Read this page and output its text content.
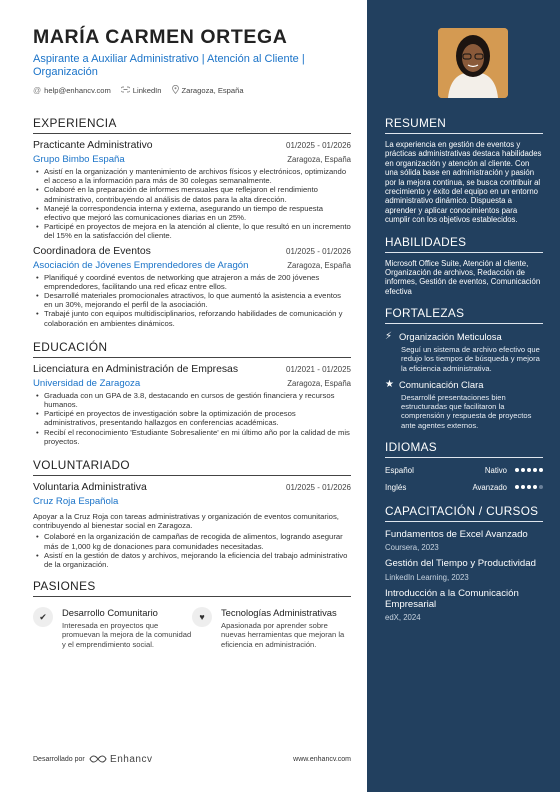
MARÍA CARMEN ORTEGA
Aspirante a Auxiliar Administrativo | Atención al Cliente | Organización
@ help@enhancv.com	LinkedIn	Zaragoza, España
EXPERIENCIA
Practicante Administrativo	01/2025 - 01/2026
Grupo Bimbo España	Zaragoza, España
• Asistí en la organización y mantenimiento de archivos físicos y electrónicos, optimizando el acceso a la información para más de 30 colegas semanalmente.
• Colaboré en la preparación de informes mensuales que reflejaron el rendimiento administrativo, contribuyendo al análisis de datos para la alta dirección.
• Manejé la correspondencia interna y externa, asegurando un tiempo de respuesta efectivo que mejoró las comunicaciones diarias en un 25%.
• Participé en proyectos de mejora en la atención al cliente, lo que resultó en un incremento del 15% en la satisfacción del cliente.
Coordinadora de Eventos	01/2025 - 01/2026
Asociación de Jóvenes Emprendedores de Aragón	Zaragoza, España
• Planifiqué y coordiné eventos de networking que atrajeron a más de 200 jóvenes emprendedores, facilitando una red eficaz entre ellos.
• Desarrollé materiales promocionales atractivos, lo que aumentó la asistencia a eventos en un 30%, mejorando el perfil de la asociación.
• Trabajé junto con equipos multidisciplinarios, reforzando habilidades de comunicación y colaboración en ambientes dinámicos.
EDUCACIÓN
Licenciatura en Administración de Empresas	01/2021 - 01/2025
Universidad de Zaragoza	Zaragoza, España
• Graduada con un GPA de 3.8, destacando en cursos de gestión financiera y recursos humanos.
• Participé en proyectos de investigación sobre la optimización de procesos administrativos, presentando hallazgos en conferencias académicas.
• Recibí el reconocimiento 'Estudiante Sobresaliente' en mi último año por la calidad de mis proyectos.
VOLUNTARIADO
Voluntaria Administrativa	01/2025 - 01/2026
Cruz Roja Española
Apoyar a la Cruz Roja con tareas administrativas y organización de eventos comunitarios, contribuyendo al bienestar social en Zaragoza.
• Colaboré en la organización de campañas de recogida de alimentos, logrando asegurar más de 1,000 kg de donaciones para comunidades necesitadas.
• Asistí en la gestión de datos y archivos, mejorando la eficiencia del trabajo administrativo de la organización.
PASIONES
✔	Desarrollo Comunitario
Interesada en proyectos que promuevan la mejora de la comunidad y el emprendimiento social.
♥	Tecnologías Administrativas
Apasionada por aprender sobre nuevas herramientas que mejoran la eficiencia en administración.
Desarrollado por	Enhancv	www.enhancv.com
RESUMEN
La experiencia en gestión de eventos y prácticas administrativas destaca habilidades en organización y atención al cliente. Con una sólida base en administración y pasión por la mejora continua, se busca contribuir al crecimiento y éxito del equipo en un entorno administrativo dinámico. Dispuesta a aprender y aplicar conocimientos para cumplir con los objetivos establecidos.
HABILIDADES
Microsoft Office Suite, Atención al cliente, Organización de archivos, Redacción de informes, Gestión de eventos, Comunicación efectiva
FORTALEZAS
⚡ Organización Meticulosa
Seguí un sistema de archivo efectivo que redujo los tiempos de búsqueda y mejora la eficiencia administrativa.
★ Comunicación Clara
Desarrollé presentaciones bien estructuradas que facilitaron la comprensión y respuesta de proyectos ante agentes externos.
IDIOMAS
Español	Nativo
Inglés	Avanzado
CAPACITACIÓN / CURSOS
Fundamentos de Excel Avanzado
Coursera, 2023
Gestión del Tiempo y Productividad
LinkedIn Learning, 2023
Introducción a la Comunicación Empresarial
edX, 2024
